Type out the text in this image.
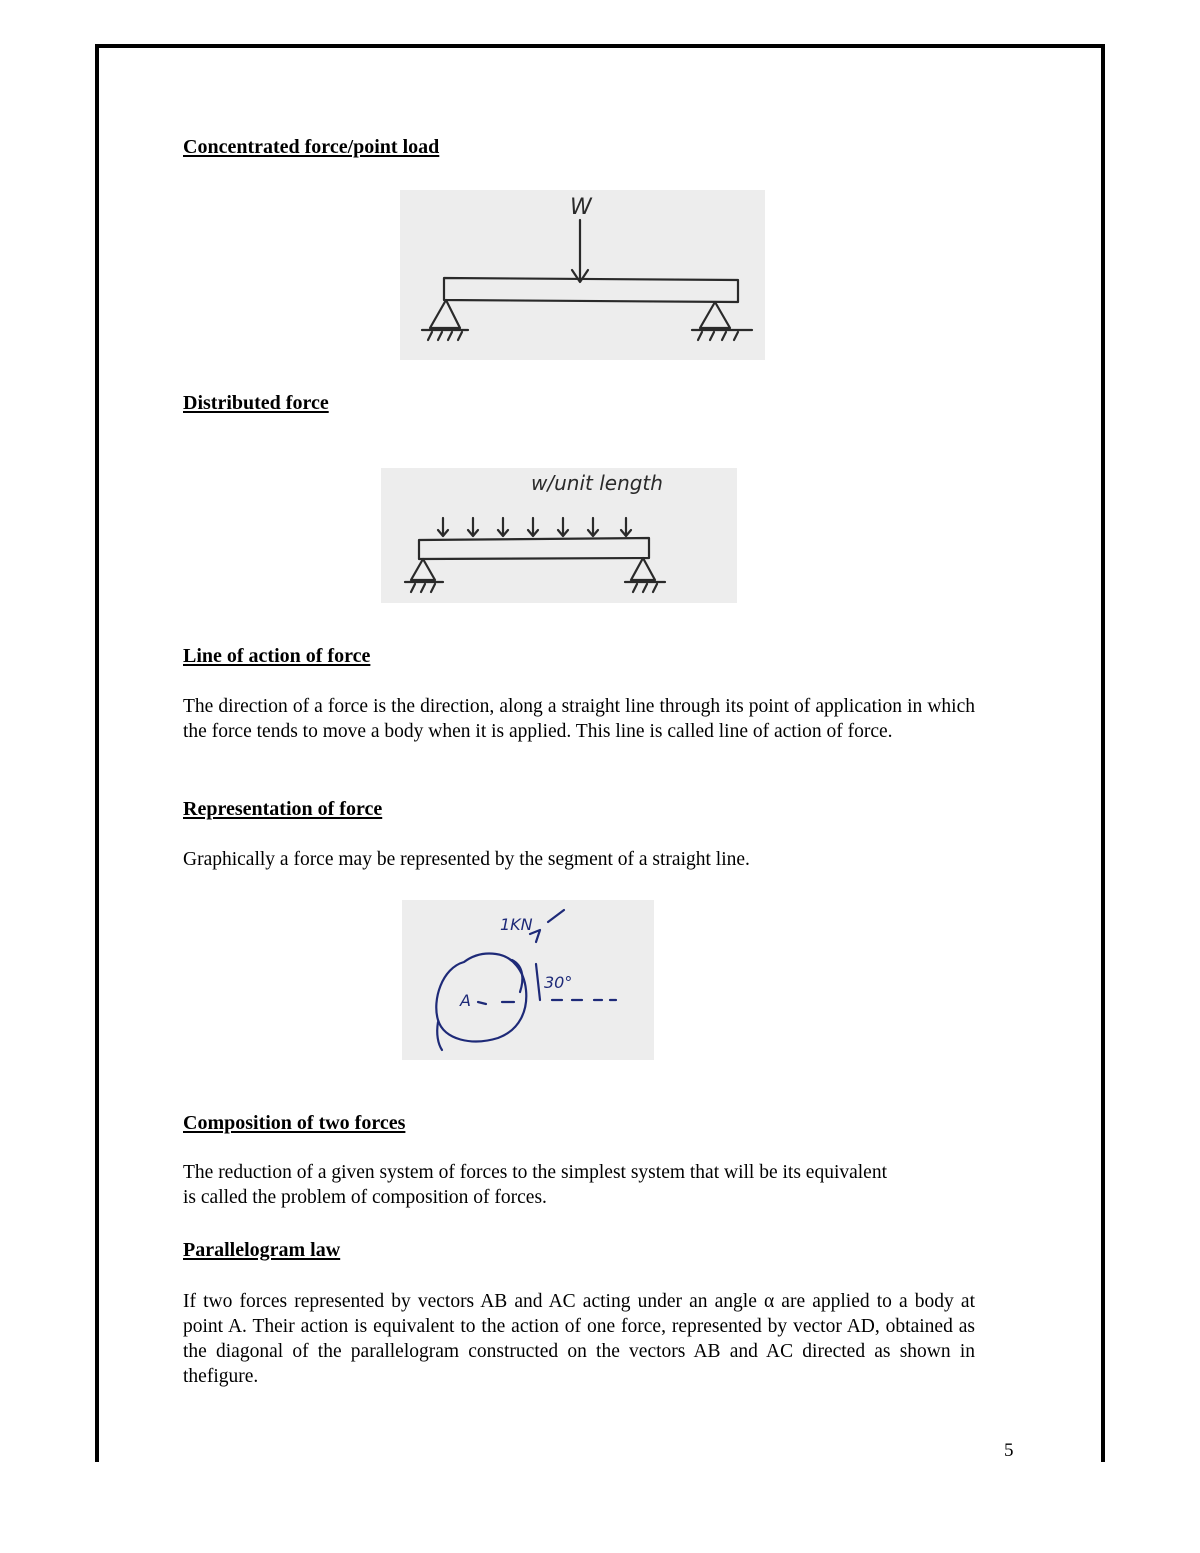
Concentrated force/point load
W
Distributed force
w/unit length
Line of action of force

The direction of a force is the direction, along a straight line through its point of application in which the force tends to move a body when it is applied. This line is called line of action of force.

Representation of force

Graphically a force may be represented by the segment of a straight line.

1KN
A
30°
Composition of two forces

The reduction of a given system of forces to the simplest system that will be its equivalent is called the problem of composition of forces.

Parallelogram law

If two forces represented by vectors AB and AC acting under an angle α are applied to a body at point A. Their action is equivalent to the action of one force, represented by vector AD, obtained as the diagonal of the parallelogram constructed on the vectors AB and AC directed as shown in thefigure.

5
